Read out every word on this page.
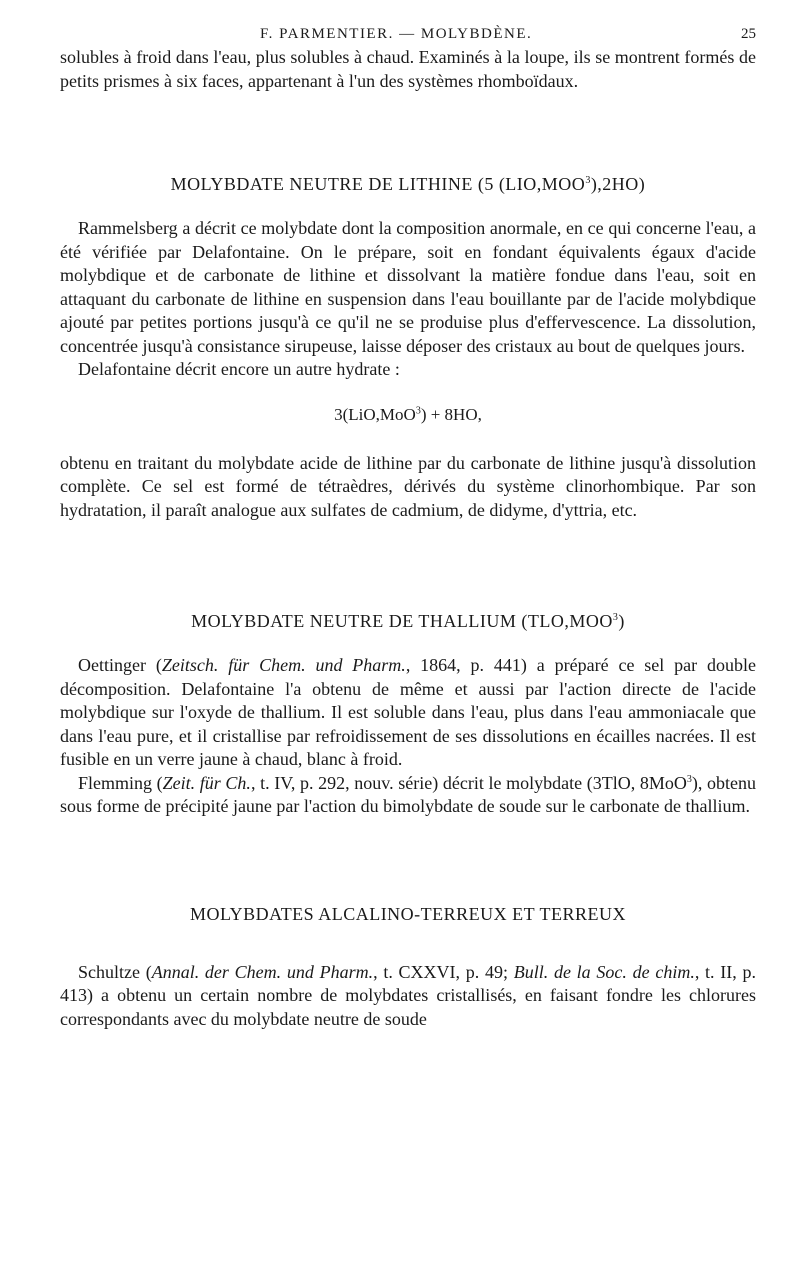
F. PARMENTIER. — MOLYBDÈNE.	25

solubles à froid dans l'eau, plus solubles à chaud. Examinés à la loupe, ils se montrent formés de petits prismes à six faces, appartenant à l'un des systèmes rhomboïdaux.

MOLYBDATE NEUTRE DE LITHINE (5 (LIO,MOO$^3$),2HO)

Rammelsberg a décrit ce molybdate dont la composition anormale, en ce qui concerne l'eau, a été vérifiée par Delafontaine. On le prépare, soit en fondant équivalents égaux d'acide molybdique et de carbonate de lithine et dissolvant la matière fondue dans l'eau, soit en attaquant du carbonate de lithine en suspension dans l'eau bouillante par de l'acide molybdique ajouté par petites portions jusqu'à ce qu'il ne se produise plus d'effervescence. La dissolution, concentrée jusqu'à consistance sirupeuse, laisse déposer des cristaux au bout de quelques jours.

Delafontaine décrit encore un autre hydrate :

3(LiO,MoO$^3$) + 8HO,

obtenu en traitant du molybdate acide de lithine par du carbonate de lithine jusqu'à dissolution complète. Ce sel est formé de tétraèdres, dérivés du système clinorhombique. Par son hydratation, il paraît analogue aux sulfates de cadmium, de didyme, d'yttria, etc.

MOLYBDATE NEUTRE DE THALLIUM (TLO,MOO$^3$)

Oettinger (Zeitsch. für Chem. und Pharm., 1864, p. 441) a préparé ce sel par double décomposition. Delafontaine l'a obtenu de même et aussi par l'action directe de l'acide molybdique sur l'oxyde de thallium. Il est soluble dans l'eau, plus dans l'eau ammoniacale que dans l'eau pure, et il cristallise par refroidissement de ses dissolutions en écailles nacrées. Il est fusible en un verre jaune à chaud, blanc à froid.

Flemming (Zeit. für Ch., t. IV, p. 292, nouv. série) décrit le molybdate (3TlO, 8MoO$^3$), obtenu sous forme de précipité jaune par l'action du bimolybdate de soude sur le carbonate de thallium.

MOLYBDATES ALCALINO-TERREUX ET TERREUX

Schultze (Annal. der Chem. und Pharm., t. CXXVI, p. 49; Bull. de la Soc. de chim., t. II, p. 413) a obtenu un certain nombre de molybdates cristallisés, en faisant fondre les chlorures correspondants avec du molybdate neutre de soude
